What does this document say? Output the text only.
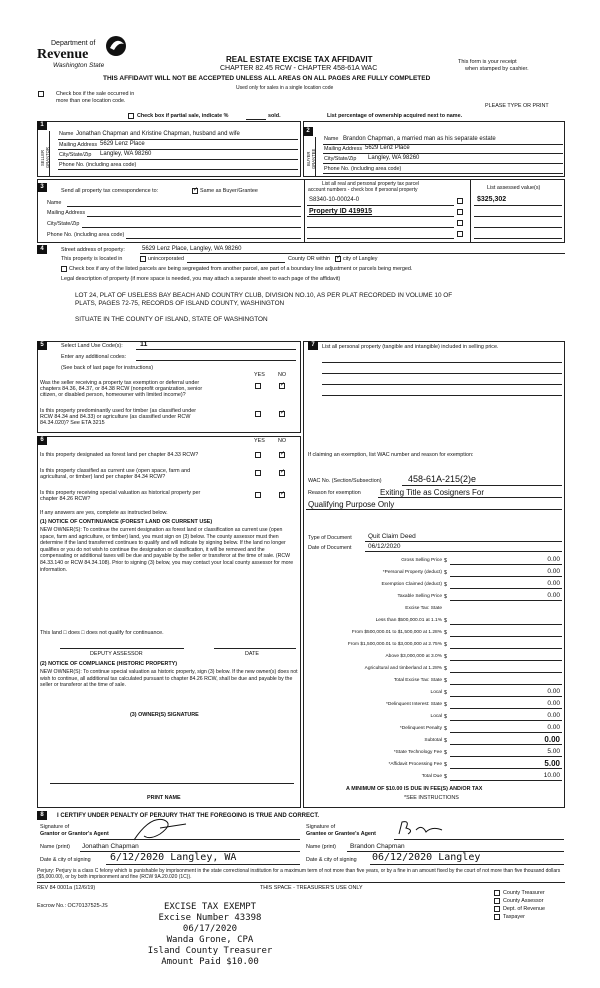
Department of
Revenue
Washington State
REAL ESTATE EXCISE TAX AFFIDAVIT
CHAPTER 82.45 RCW - CHAPTER 458-61A WAC
This form is your receipt
when stamped by cashier.
THIS AFFIDAVIT WILL NOT BE ACCEPTED UNLESS ALL AREAS ON ALL PAGES ARE FULLY COMPLETED
Used only for sales in a single location code
Check box if the sale occurred in
more than one location code.
PLEASE TYPE OR PRINT
Check box if partial sale, indicate %	sold.	List percentage of ownership acquired next to name.
1
SELLER GRANTOR
Name Jonathan Chapman and Kristine Chapman, husband and wife
Mailing Address 5629 Lenz Place
City/State/Zip Langley, WA 98260
Phone No. (including area code)
2
BUYER GRANTEE
Name Brandon Chapman, a married man as his separate estate
Mailing Address 5629 Lenz Place
City/State/Zip Langley, WA 98260
Phone No. (including area code)
3
Send all property tax correspondence to: ✓	Same as Buyer/Grantee
Name
Mailing Address
City/State/Zip
Phone No. (including area code)
List all real and personal property tax parcel
account numbers - check box if personal property	List assessed value(s)
S8340-10-00024-0	$325,302
Property ID 419915
4	Street address of property:	5629 Lenz Place, Langley, WA 98260
This property is located in	unincorporated	County OR within ✓ city of Langley
Check box if any of the listed parcels are being segregated from another parcel, are part of a boundary line adjustment or parcels being merged.
Legal description of property (if more space is needed, you may attach a separate sheet to each page of the affidavit)
LOT 24, PLAT OF USELESS BAY BEACH AND COUNTRY CLUB, DIVISION NO.10, AS PER PLAT RECORDED IN VOLUME 10 OF
PLATS, PAGES 72-75, RECORDS OF ISLAND COUNTY, WASHINGTON
SITUATE IN THE COUNTY OF ISLAND, STATE OF WASHINGTON
5	Select Land Use Code(s): 11
Enter any additional codes:
(See back of last page for instructions)
YES NO
Was the seller receiving a property tax exemption or deferral under
chapters 84.36, 84.37, or 84.38 RCW (nonprofit organization, senior
citizen, or disabled person, homeowner with limited income)?
✓
Is this property predominantly used for timber (as classified under
RCW 84.34 and 84.33) or agriculture (as classified under RCW
84.34.020)? See ETA 3215
✓
6	YES NO
Is this property designated as forest land per chapter 84.33 RCW?
✓
Is this property classified as current use (open space, farm and
agricultural, or timber) land per chapter 84.34 RCW?
✓
Is this property receiving special valuation as historical property per
chapter 84.26 RCW?
✓
If any answers are yes, complete as instructed below.
(1) NOTICE OF CONTINUANCE (FOREST LAND OR CURRENT USE)
NEW OWNER(S): To continue the current designation as forest land or classification as current use (open space, farm and agriculture, or timber) land, you must sign on (3) below. The county assessor must then determine if the land transferred continues to qualify and will indicate by signing below. If the land no longer qualifies or you do not wish to continue the designation or classification, it will be removed and the compensating or additional taxes will be due and payable by the seller or transferor at the time of sale. (RCW 84.33.140 or RCW 84.34.108). Prior to signing (3) below, you may contact your local county assessor for more information.
This land □ does □ does not qualify for continuance.
DEPUTY ASSESSOR	DATE
(2) NOTICE OF COMPLIANCE (HISTORIC PROPERTY)
NEW OWNER(S): To continue special valuation as historic property, sign (3) below. If the new owner(s) does not wish to continue, all additional tax calculated pursuant to chapter 84.26 RCW, shall be due and payable by the seller or transferor at the time of sale.
(3) OWNER(S) SIGNATURE
PRINT NAME
7	List all personal property (tangible and intangible) included in selling price.
If claiming an exemption, list WAC number and reason for exemption:
WAC No. (Section/Subsection)	458-61A-215(2)e
Reason for exemption Exiting Title as Cosigners For
Qualifying Purpose Only
Type of Document	Quit Claim Deed
Date of Document	06/12/2020
Gross Selling Price $	0.00
*Personal Property (deduct) $	0.00
Exemption Claimed (deduct) $	0.00
Taxable Selling Price $	0.00
Excise Tax: State
Less than $500,000.01 at 1.1% $
From $500,000.01 to $1,500,000 at 1.28% $
From $1,500,000.01 to $3,000,000 at 2.75% $
Above $3,000,000 at 3.0% $
Agricultural and timberland at 1.28% $
Total Excise Tax: State $
Local $	0.00
*Delinquent Interest: State $	0.00
Local $	0.00
*Delinquent Penalty $	0.00
Subtotal $	0.00
*State Technology Fee $	5.00
*Affidavit Processing Fee $	5.00
Total Due $	10.00
A MINIMUM OF $10.00 IS DUE IN FEE(S) AND/OR TAX
*SEE INSTRUCTIONS
8	I CERTIFY UNDER PENALTY OF PERJURY THAT THE FOREGOING IS TRUE AND CORRECT.
Signature of
Grantor or Grantor's Agent
Name (print) Jonathan Chapman
Date & city of signing 6/12/2020 Langley, WA
Signature of
Grantee or Grantee's Agent
Name (print) Brandon Chapman
Date & city of signing 06/12/2020 Langley
Perjury: Perjury is a class C felony which is punishable by imprisonment in the state correctional institution for a maximum term of not more than five years, or by a fine in an amount fixed by the court of not more than five thousand dollars ($5,000.00), or by both imprisonment and fine (RCW 9A.20.020 (1C)).
REV 84 0001a (12/6/19)	THIS SPACE - TREASURER'S USE ONLY
Escrow No.: OC70137525-JS
County Treasurer
County Assessor
Dept. of Revenue
Taxpayer
EXCISE TAX EXEMPT
Excise Number 43398
06/17/2020
Wanda Grone, CPA
Island County Treasurer
Amount Paid $10.00
